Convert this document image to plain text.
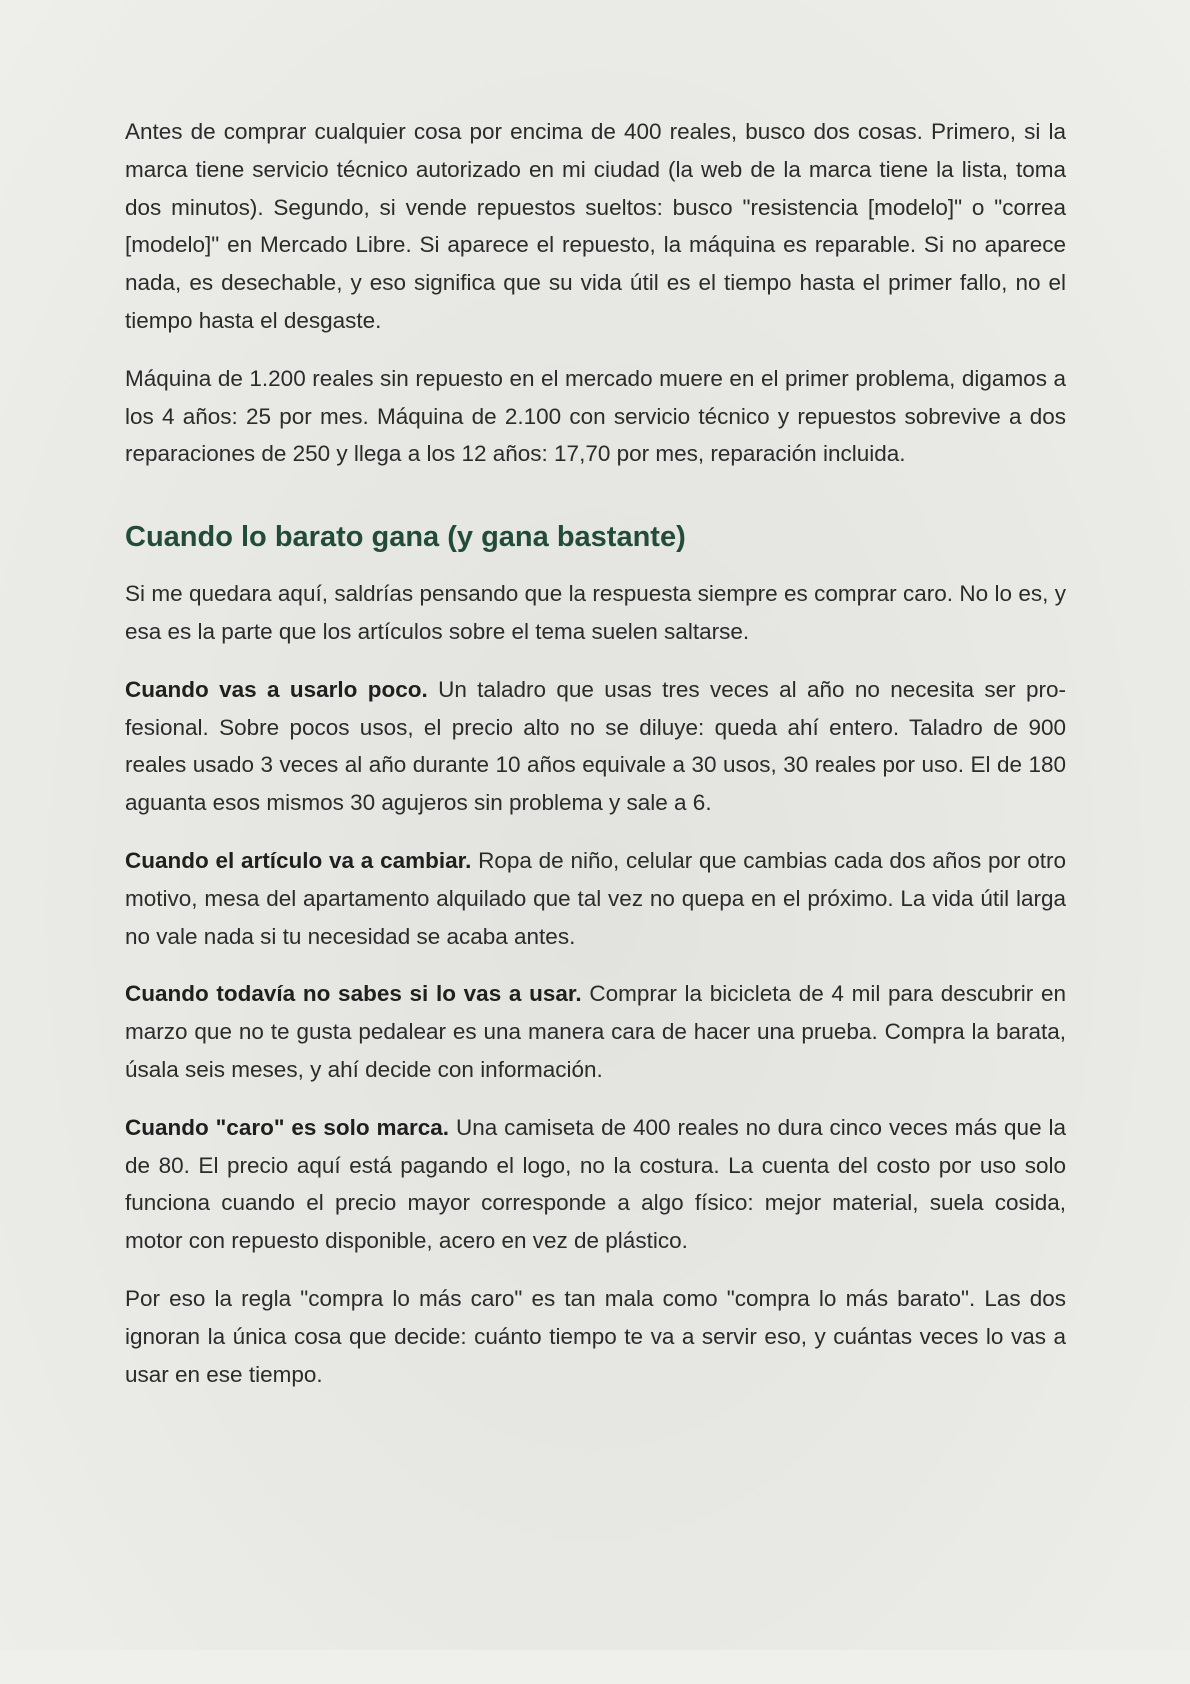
Antes de comprar cualquier cosa por encima de 400 reales, busco dos cosas. Primero, si la marca tiene servicio técnico autorizado en mi ciudad (la web de la marca tiene la lista, toma dos minutos). Segundo, si vende repuestos sueltos: busco "resistencia [modelo]" o "correa [modelo]" en Mercado Libre. Si aparece el repuesto, la máquina es reparable. Si no aparece nada, es desechable, y eso significa que su vida útil es el tiempo hasta el primer fallo, no el tiempo hasta el desgaste.

Máquina de 1.200 reales sin repuesto en el mercado muere en el primer problema, digamos a los 4 años: 25 por mes. Máquina de 2.100 con servicio técnico y repuestos sobrevive a dos reparaciones de 250 y llega a los 12 años: 17,70 por mes, reparación incluida.

Cuando lo barato gana (y gana bastante)

Si me quedara aquí, saldrías pensando que la respuesta siempre es comprar caro. No lo es, y esa es la parte que los artículos sobre el tema suelen saltarse.

Cuando vas a usarlo poco. Un taladro que usas tres veces al año no necesita ser profesional. Sobre pocos usos, el precio alto no se diluye: queda ahí entero. Taladro de 900 reales usado 3 veces al año durante 10 años equivale a 30 usos, 30 reales por uso. El de 180 aguanta esos mismos 30 agujeros sin problema y sale a 6.

Cuando el artículo va a cambiar. Ropa de niño, celular que cambias cada dos años por otro motivo, mesa del apartamento alquilado que tal vez no quepa en el próximo. La vida útil larga no vale nada si tu necesidad se acaba antes.

Cuando todavía no sabes si lo vas a usar. Comprar la bicicleta de 4 mil para descubrir en marzo que no te gusta pedalear es una manera cara de hacer una prueba. Compra la barata, úsala seis meses, y ahí decide con información.

Cuando "caro" es solo marca. Una camiseta de 400 reales no dura cinco veces más que la de 80. El precio aquí está pagando el logo, no la costura. La cuenta del costo por uso solo funciona cuando el precio mayor corresponde a algo físico: mejor material, suela cosida, motor con repuesto disponible, acero en vez de plástico.

Por eso la regla "compra lo más caro" es tan mala como "compra lo más barato". Las dos ignoran la única cosa que decide: cuánto tiempo te va a servir eso, y cuántas veces lo vas a usar en ese tiempo.
